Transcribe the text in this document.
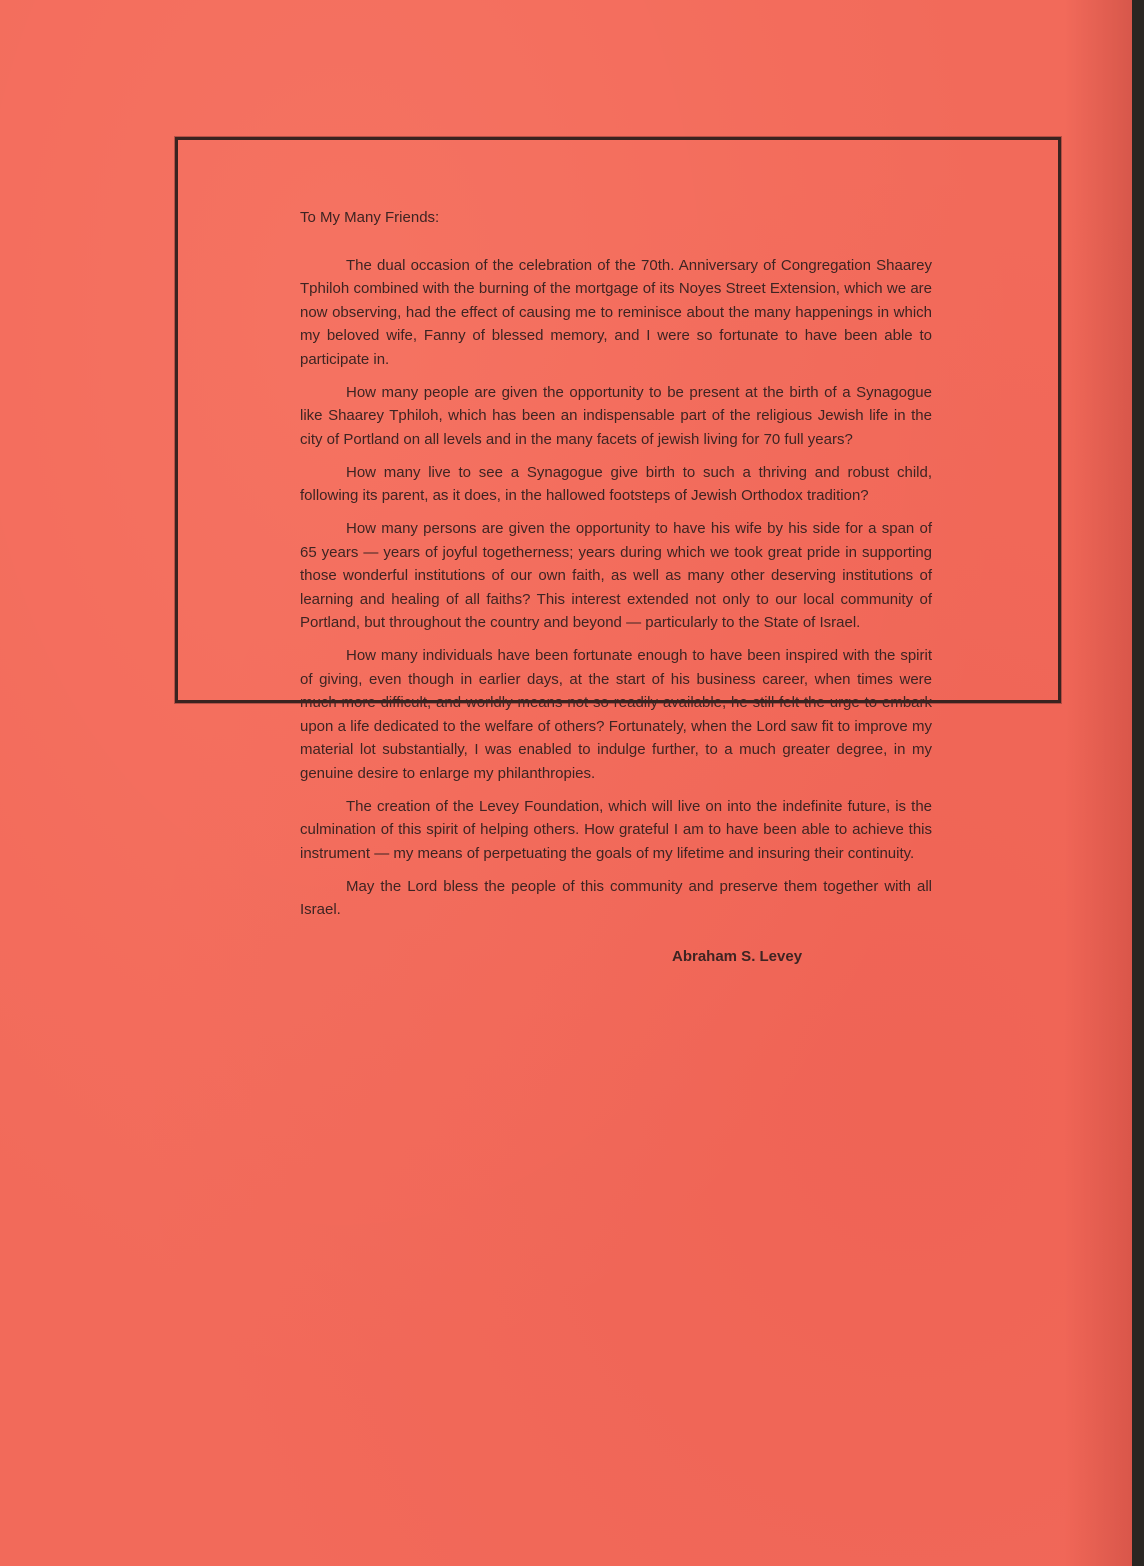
To My Many Friends:

The dual occasion of the celebration of the 70th. Anniversary of Congregation Shaarey Tphiloh combined with the burning of the mortgage of its Noyes Street Extension, which we are now observing, had the effect of causing me to reminisce about the many happenings in which my beloved wife, Fanny of blessed memory, and I were so fortunate to have been able to participate in.

How many people are given the opportunity to be present at the birth of a Synagogue like Shaarey Tphiloh, which has been an indispensable part of the religious Jewish life in the city of Portland on all levels and in the many facets of jewish living for 70 full years?

How many live to see a Synagogue give birth to such a thriving and robust child, following its parent, as it does, in the hallowed footsteps of Jewish Orthodox tradition?

How many persons are given the opportunity to have his wife by his side for a span of 65 years — years of joyful togetherness; years during which we took great pride in supporting those wonderful institutions of our own faith, as well as many other deserving institutions of learning and healing of all faiths? This interest extended not only to our local community of Portland, but throughout the country and beyond — particularly to the State of Israel.

How many individuals have been fortunate enough to have been inspired with the spirit of giving, even though in earlier days, at the start of his business career, when times were much more difficult, and worldly means not so readily available, he still felt the urge to embark upon a life dedicated to the welfare of others? Fortunately, when the Lord saw fit to improve my material lot substantially, I was enabled to indulge further, to a much greater degree, in my genuine desire to enlarge my philanthropies.

The creation of the Levey Foundation, which will live on into the indefinite future, is the culmination of this spirit of helping others. How grateful I am to have been able to achieve this instrument — my means of perpetuating the goals of my lifetime and insuring their continuity.

May the Lord bless the people of this community and preserve them together with all Israel.

Abraham S. Levey
